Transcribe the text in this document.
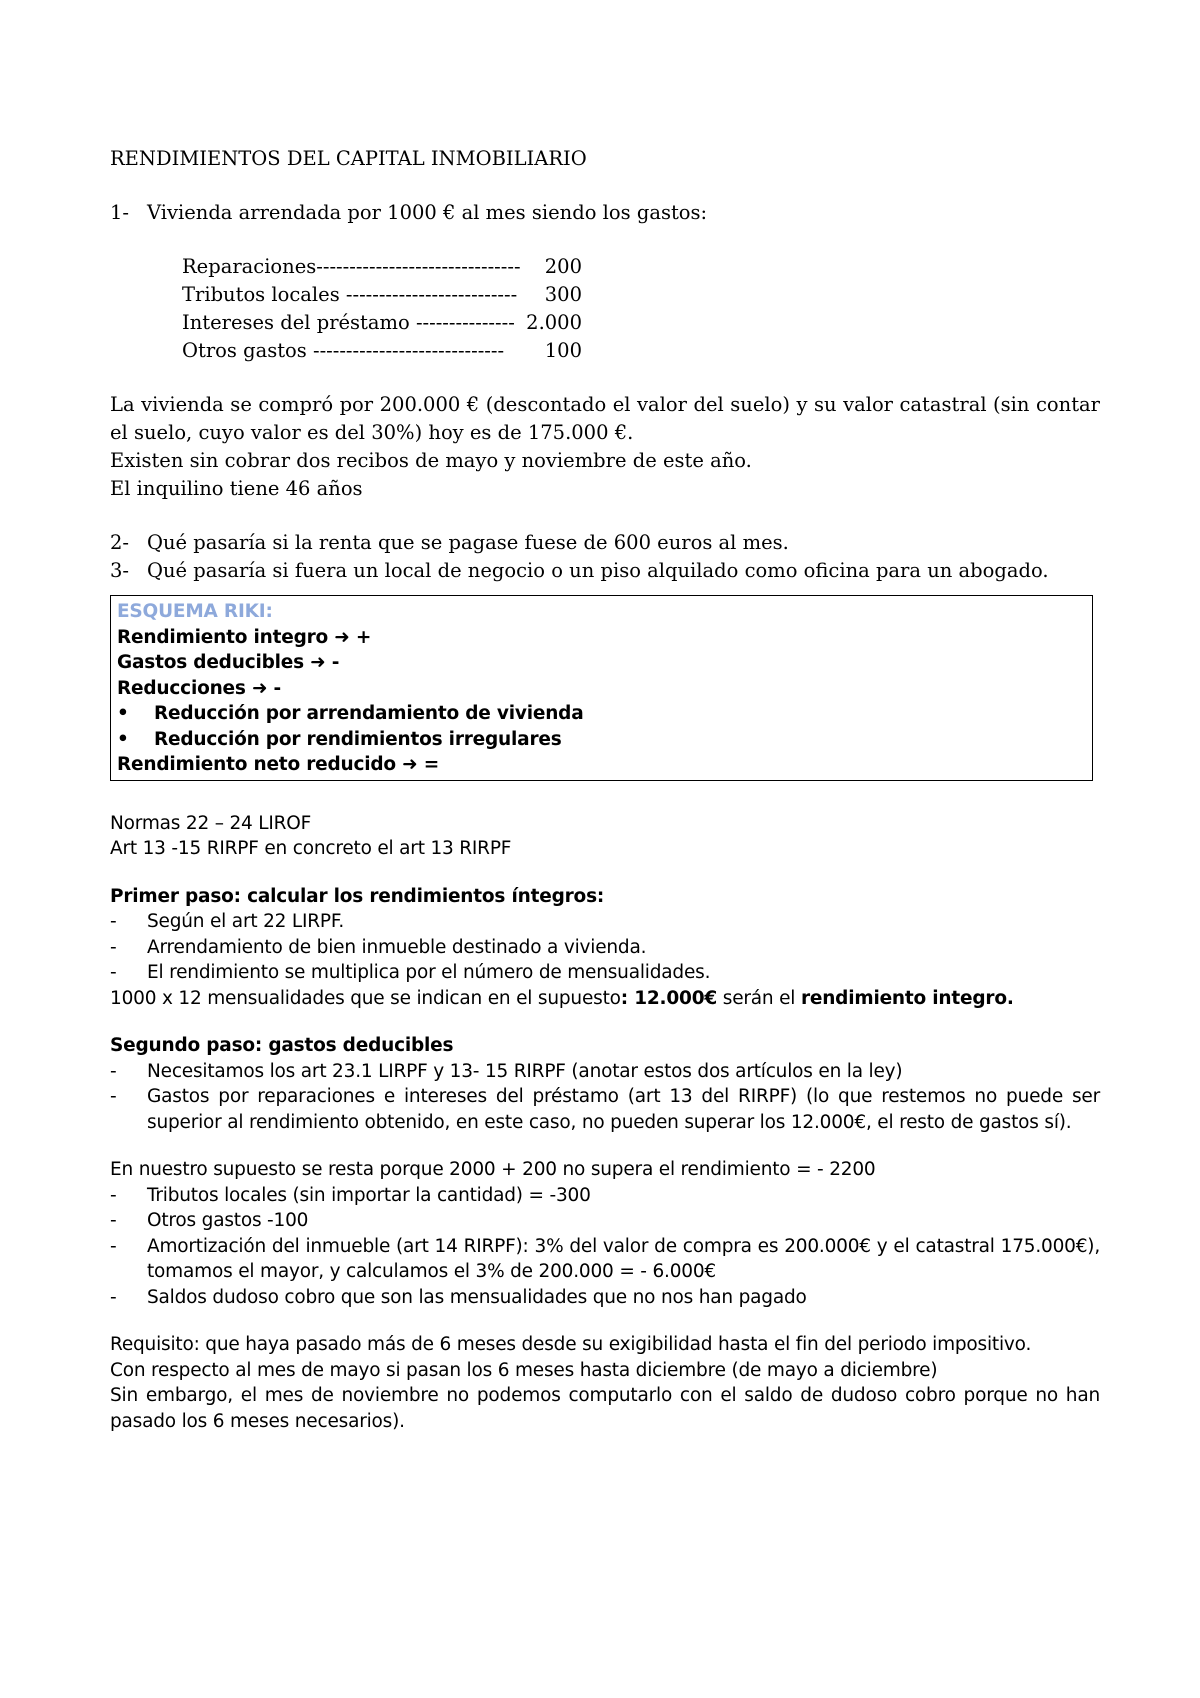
RENDIMIENTOS DEL CAPITAL INMOBILIARIO
1- Vivienda arrendada por 1000 € al mes siendo los gastos:
Reparaciones-------------------------------	200
Tributos locales --------------------------	300
Intereses del préstamo --------------- 2.000
Otros gastos -----------------------------	100
La vivienda se compró por 200.000 € (descontado el valor del suelo) y su valor catastral (sin contar el suelo, cuyo valor es del 30%) hoy es de 175.000 €.
Existen sin cobrar dos recibos de mayo y noviembre de este año.
El inquilino tiene 46 años
2- Qué pasaría si la renta que se pagase fuese de 600 euros al mes.
3- Qué pasaría si fuera un local de negocio o un piso alquilado como oficina para un abogado.
ESQUEMA RIKI:
Rendimiento integro ➜ +
Gastos deducibles ➜ -
Reducciones ➜ -
•	Reducción por arrendamiento de vivienda
•	Reducción por rendimientos irregulares
Rendimiento neto reducido ➜ =
Normas 22 – 24 LIROF
Art 13 -15 RIRPF en concreto el art 13 RIRPF
Primer paso: calcular los rendimientos íntegros:
-	Según el art 22 LIRPF.
-	Arrendamiento de bien inmueble destinado a vivienda.
-	El rendimiento se multiplica por el número de mensualidades.
1000 x 12 mensualidades que se indican en el supuesto: 12.000€ serán el rendimiento integro.
Segundo paso: gastos deducibles
-	Necesitamos los art 23.1 LIRPF y 13- 15 RIRPF (anotar estos dos artículos en la ley)
-	Gastos por reparaciones e intereses del préstamo (art 13 del RIRPF) (lo que restemos no puede ser superior al rendimiento obtenido, en este caso, no pueden superar los 12.000€, el resto de gastos sí).
En nuestro supuesto se resta porque 2000 + 200 no supera el rendimiento = - 2200
-	Tributos locales (sin importar la cantidad) = -300
-	Otros gastos -100
-	Amortización del inmueble (art 14 RIRPF): 3% del valor de compra es 200.000€ y el catastral 175.000€), tomamos el mayor, y calculamos el 3% de 200.000 = - 6.000€
-	Saldos dudoso cobro que son las mensualidades que no nos han pagado
Requisito: que haya pasado más de 6 meses desde su exigibilidad hasta el fin del periodo impositivo.
Con respecto al mes de mayo si pasan los 6 meses hasta diciembre (de mayo a diciembre)
Sin embargo, el mes de noviembre no podemos computarlo con el saldo de dudoso cobro porque no han pasado los 6 meses necesarios).
